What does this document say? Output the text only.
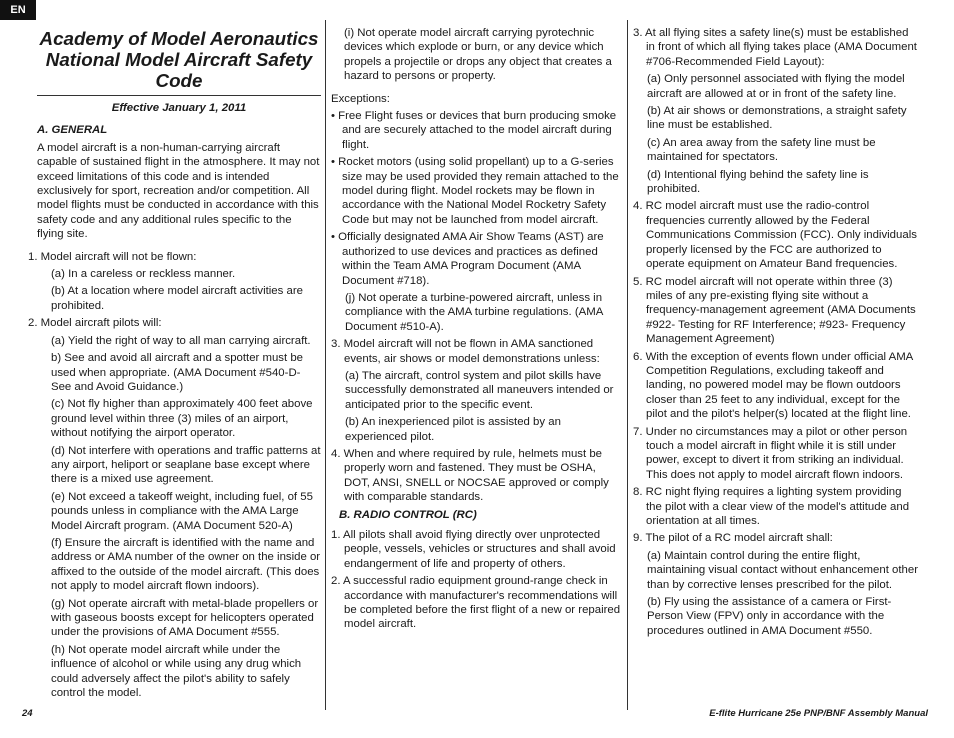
EN
Academy of Model Aeronautics
National Model Aircraft Safety Code
Effective January 1, 2011
A. GENERAL

A model aircraft is a non-human-carrying aircraft capable of sustained flight in the atmosphere. It may not exceed limitations of this code and is intended exclusively for sport, recreation and/or competition. All model flights must be conducted in accordance with this safety code and any additional rules specific to the flying site.

1. Model aircraft will not be flown:
(a) In a careless or reckless manner.
(b) At a location where model aircraft activities are prohibited.
2. Model aircraft pilots will:
(a) Yield the right of way to all man carrying aircraft.
b) See and avoid all aircraft and a spotter must be used when appropriate. (AMA Document #540-D- See and Avoid Guidance.)
(c) Not fly higher than approximately 400 feet above ground level within three (3) miles of an airport, without notifying the airport operator.
(d) Not interfere with operations and traffic patterns at any airport, heliport or seaplane base except where there is a mixed use agreement.
(e) Not exceed a takeoff weight, including fuel, of 55 pounds unless in compliance with the AMA Large Model Aircraft program. (AMA Document 520-A)
(f) Ensure the aircraft is identified with the name and address or AMA number of the owner on the inside or affixed to the outside of the model aircraft. (This does not apply to model aircraft flown indoors).
(g) Not operate aircraft with metal-blade propellers or with gaseous boosts except for helicopters operated under the provisions of AMA Document #555.
(h) Not operate model aircraft while under the influence of alcohol or while using any drug which could adversely affect the pilot's ability to safely control the model.
(i) Not operate model aircraft carrying pyrotechnic devices which explode or burn, or any device which propels a projectile or drops any object that creates a hazard to persons or property.

Exceptions:

• Free Flight fuses or devices that burn producing smoke and are securely attached to the model aircraft during flight.
• Rocket motors (using solid propellant) up to a G-series size may be used provided they remain attached to the model during flight. Model rockets may be flown in accordance with the National Model Rocketry Safety Code but may not be launched from model aircraft.
• Officially designated AMA Air Show Teams (AST) are authorized to use devices and practices as defined within the Team AMA Program Document (AMA Document #718).
(j) Not operate a turbine-powered aircraft, unless in compliance with the AMA turbine regulations. (AMA Document #510-A).
3. Model aircraft will not be flown in AMA sanctioned events, air shows or model demonstrations unless:
(a) The aircraft, control system and pilot skills have successfully demonstrated all maneuvers intended or anticipated prior to the specific event.
(b) An inexperienced pilot is assisted by an experienced pilot.
4. When and where required by rule, helmets must be properly worn and fastened. They must be OSHA, DOT, ANSI, SNELL or NOCSAE approved or comply with comparable standards.
B. RADIO CONTROL (RC)
1. All pilots shall avoid flying directly over unprotected people, vessels, vehicles or structures and shall avoid endangerment of life and property of others.
2. A successful radio equipment ground-range check in accordance with manufacturer's recommendations will be completed before the first flight of a new or repaired model aircraft.
3. At all flying sites a safety line(s) must be established in front of which all flying takes place (AMA Document #706-Recommended Field Layout):
(a) Only personnel associated with flying the model aircraft are allowed at or in front of the safety line.
(b) At air shows or demonstrations, a straight safety line must be established.
(c) An area away from the safety line must be maintained for spectators.
(d) Intentional flying behind the safety line is prohibited.
4. RC model aircraft must use the radio-control frequencies currently allowed by the Federal Communications Commission (FCC). Only individuals properly licensed by the FCC are authorized to operate equipment on Amateur Band frequencies.
5. RC model aircraft will not operate within three (3) miles of any pre-existing flying site without a frequency-management agreement (AMA Documents #922- Testing for RF Interference; #923- Frequency Management Agreement)
6. With the exception of events flown under official AMA Competition Regulations, excluding takeoff and landing, no powered model may be flown outdoors closer than 25 feet to any individual, except for the pilot and the pilot's helper(s) located at the flight line.
7. Under no circumstances may a pilot or other person touch a model aircraft in flight while it is still under power, except to divert it from striking an individual. This does not apply to model aircraft flown indoors.
8. RC night flying requires a lighting system providing the pilot with a clear view of the model's attitude and orientation at all times.
9. The pilot of a RC model aircraft shall:
(a) Maintain control during the entire flight, maintaining visual contact without enhancement other than by corrective lenses prescribed for the pilot.
(b) Fly using the assistance of a camera or First-Person View (FPV) only in accordance with the procedures outlined in AMA Document #550.
24	E-flite Hurricane 25e PNP/BNF Assembly Manual
